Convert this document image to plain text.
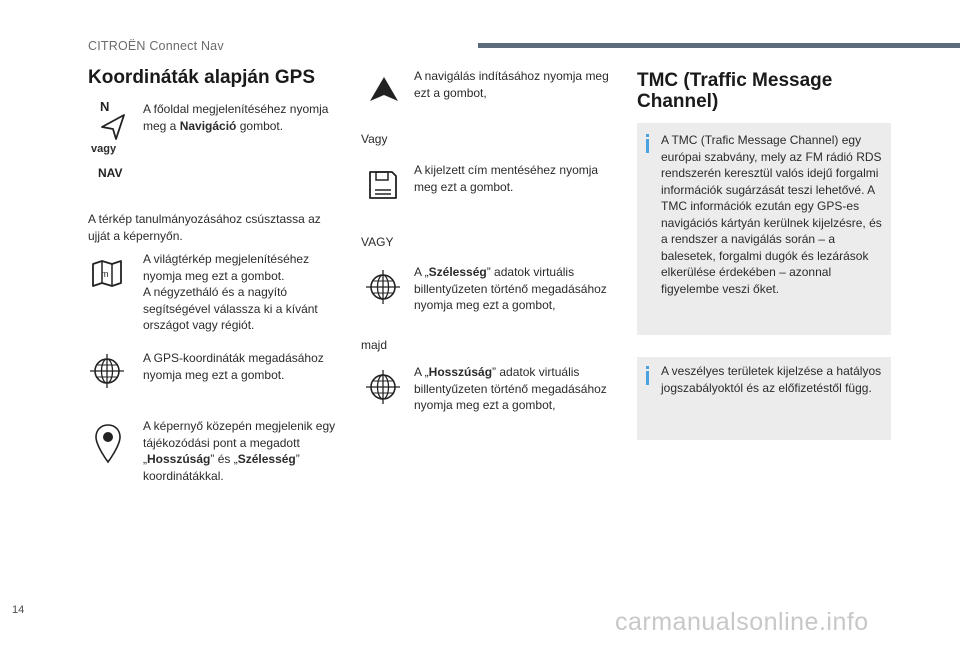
CITROËN Connect Nav
Koordináták alapján GPS
N
vagy
NAV
A főoldal megjelenítéséhez nyomja meg a Navigáció gombot.
A térkép tanulmányozásához csúsztassa az ujját a képernyőn.
m
A világtérkép megjelenítéséhez
nyomja meg ezt a gombot.
A négyzetháló és a nagyító
segítségével válassza ki a kívánt
országot vagy régiót.
A GPS-koordináták megadásához nyomja meg ezt a gombot.
A képernyő közepén megjelenik egy tájékozódási pont a megadott „Hosszúság” és „Szélesség” koordinátákkal.
A navigálás indításához nyomja meg ezt a gombot,
Vagy
A kijelzett cím mentéséhez nyomja meg ezt a gombot.
VAGY
A „Szélesség” adatok virtuális billentyűzeten történő megadásához nyomja meg ezt a gombot,
majd
A „Hosszúság” adatok virtuális billentyűzeten történő megadásához nyomja meg ezt a gombot,
TMC (Traffic Message
Channel)
A TMC (Trafic Message Channel) egy európai szabvány, mely az FM rádió RDS rendszerén keresztül valós idejű forgalmi információk sugárzását teszi lehetővé. A TMC információk ezután egy GPS-es navigációs kártyán kerülnek kijelzésre, és a rendszer a navigálás során – a balesetek, forgalmi dugók és lezárások elkerülése érdekében – azonnal figyelembe veszi őket.
A veszélyes területek kijelzése a hatályos jogszabályoktól és az előfizetéstől függ.
14	carmanualsonline.info
